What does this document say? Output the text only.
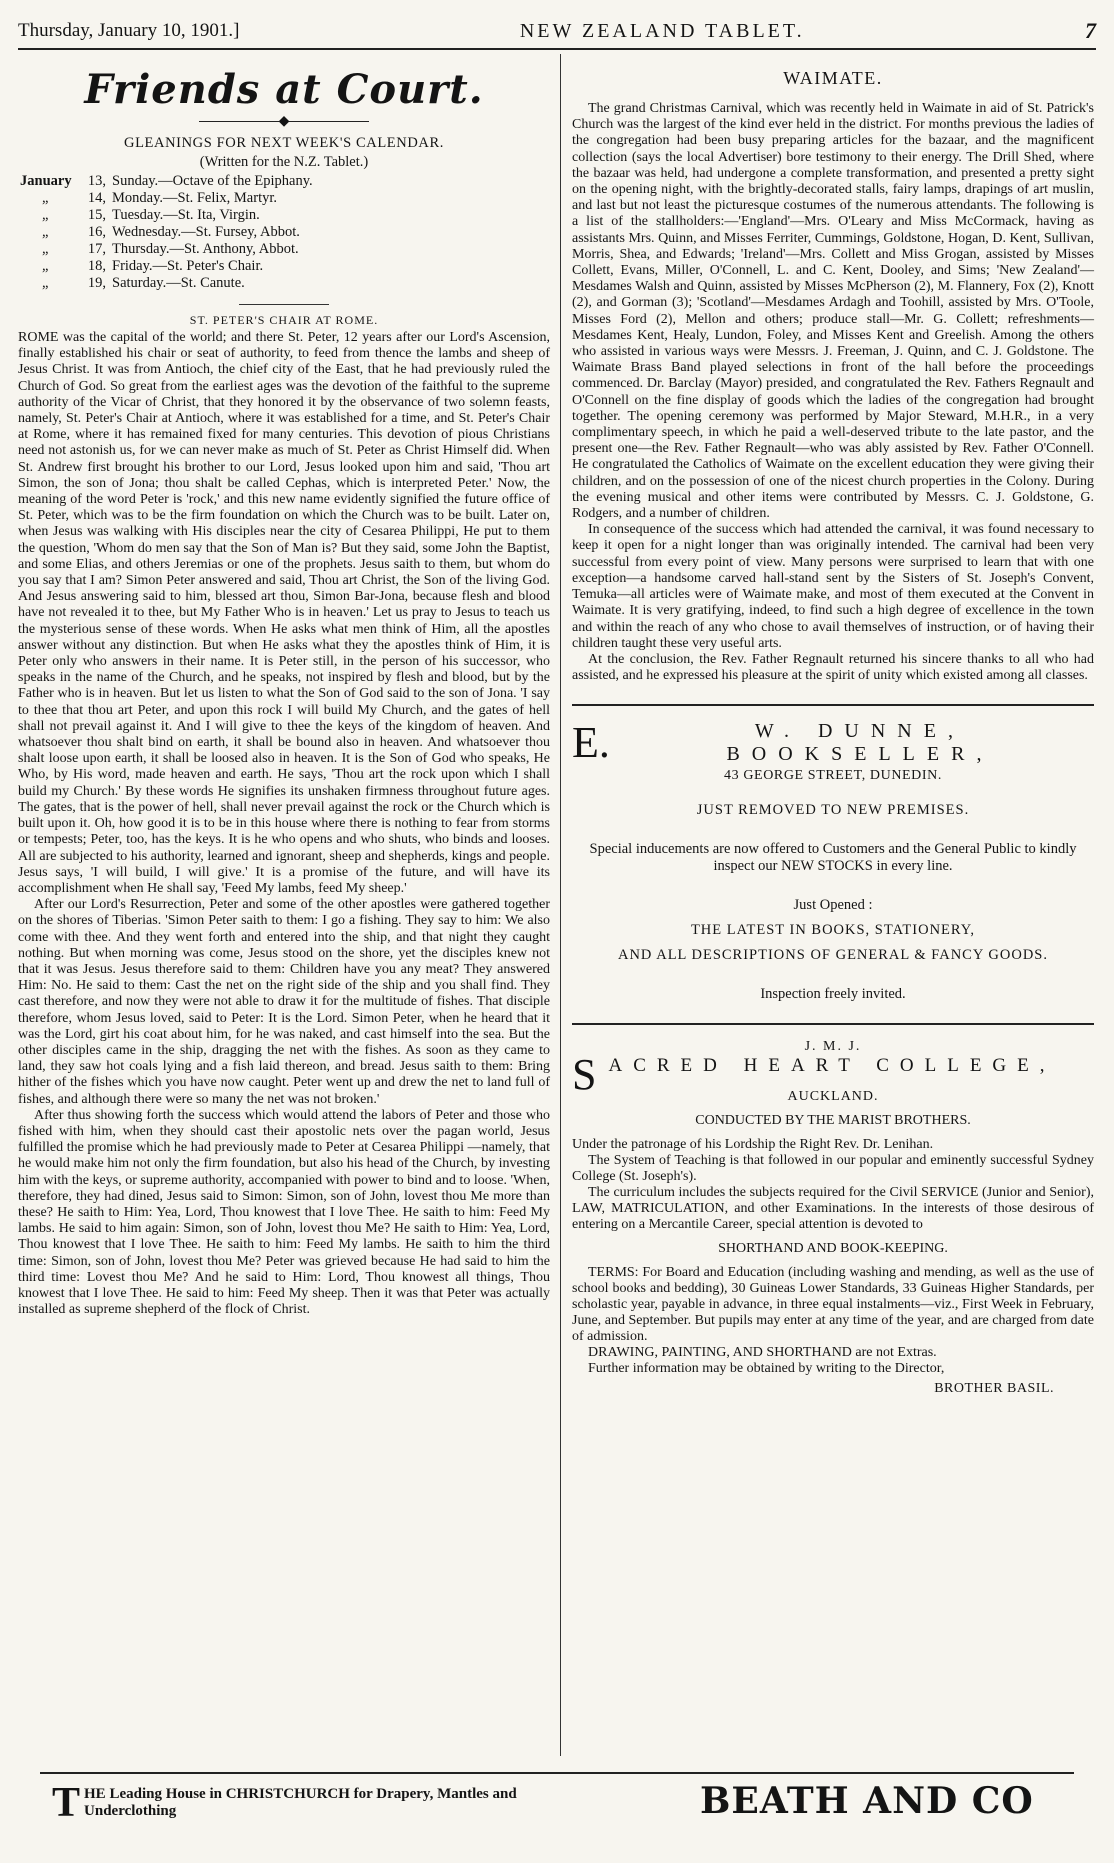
Thursday, January 10, 1901.]	NEW ZEALAND TABLET.	7
Friends at Court.
◆
GLEANINGS FOR NEXT WEEK'S CALENDAR.
(Written for the N.Z. Tablet.)
January	13, Sunday.—Octave of the Epiphany.
„	14, Monday.—St. Felix, Martyr.
„	15, Tuesday.—St. Ita, Virgin.
„	16, Wednesday.—St. Fursey, Abbot.
„	17, Thursday.—St. Anthony, Abbot.
„	18, Friday.—St. Peter's Chair.
„	19, Saturday.—St. Canute.
ST. PETER'S CHAIR AT ROME.

ROME was the capital of the world; and there St. Peter, 12 years after our Lord's Ascension, finally established his chair or seat of authority, to feed from thence the lambs and sheep of Jesus Christ. It was from Antioch, the chief city of the East, that he had previously ruled the Church of God. So great from the earliest ages was the devotion of the faithful to the supreme authority of the Vicar of Christ, that they honored it by the observance of two solemn feasts, namely, St. Peter's Chair at Antioch, where it was established for a time, and St. Peter's Chair at Rome, where it has remained fixed for many centuries. This devotion of pious Christians need not astonish us, for we can never make as much of St. Peter as Christ Himself did. When St. Andrew first brought his brother to our Lord, Jesus looked upon him and said, 'Thou art Simon, the son of Jona; thou shalt be called Cephas, which is interpreted Peter.' Now, the meaning of the word Peter is 'rock,' and this new name evidently signified the future office of St. Peter, which was to be the firm foundation on which the Church was to be built. Later on, when Jesus was walking with His disciples near the city of Cesarea Philippi, He put to them the question, 'Whom do men say that the Son of Man is? But they said, some John the Baptist, and some Elias, and others Jeremias or one of the prophets. Jesus saith to them, but whom do you say that I am? Simon Peter answered and said, Thou art Christ, the Son of the living God. And Jesus answering said to him, blessed art thou, Simon Bar-Jona, because flesh and blood have not revealed it to thee, but My Father Who is in heaven.' Let us pray to Jesus to teach us the mysterious sense of these words. When He asks what men think of Him, all the apostles answer without any distinction. But when He asks what they the apostles think of Him, it is Peter only who answers in their name. It is Peter still, in the person of his successor, who speaks in the name of the Church, and he speaks, not inspired by flesh and blood, but by the Father who is in heaven. But let us listen to what the Son of God said to the son of Jona. 'I say to thee that thou art Peter, and upon this rock I will build My Church, and the gates of hell shall not prevail against it. And I will give to thee the keys of the kingdom of heaven. And whatsoever thou shalt bind on earth, it shall be bound also in heaven. And whatsoever thou shalt loose upon earth, it shall be loosed also in heaven. It is the Son of God who speaks, He Who, by His word, made heaven and earth. He says, 'Thou art the rock upon which I shall build my Church.' By these words He signifies its unshaken firmness throughout future ages. The gates, that is the power of hell, shall never prevail against the rock or the Church which is built upon it. Oh, how good it is to be in this house where there is nothing to fear from storms or tempests; Peter, too, has the keys. It is he who opens and who shuts, who binds and looses. All are subjected to his authority, learned and ignorant, sheep and shepherds, kings and people. Jesus says, 'I will build, I will give.' It is a promise of the future, and will have its accomplishment when He shall say, 'Feed My lambs, feed My sheep.'

After our Lord's Resurrection, Peter and some of the other apostles were gathered together on the shores of Tiberias. 'Simon Peter saith to them: I go a fishing. They say to him: We also come with thee. And they went forth and entered into the ship, and that night they caught nothing. But when morning was come, Jesus stood on the shore, yet the disciples knew not that it was Jesus. Jesus therefore said to them: Children have you any meat? They answered Him: No. He said to them: Cast the net on the right side of the ship and you shall find. They cast therefore, and now they were not able to draw it for the multitude of fishes. That disciple therefore, whom Jesus loved, said to Peter: It is the Lord. Simon Peter, when he heard that it was the Lord, girt his coat about him, for he was naked, and cast himself into the sea. But the other disciples came in the ship, dragging the net with the fishes. As soon as they came to land, they saw hot coals lying and a fish laid thereon, and bread. Jesus saith to them: Bring hither of the fishes which you have now caught. Peter went up and drew the net to land full of fishes, and although there were so many the net was not broken.'

After thus showing forth the success which would attend the labors of Peter and those who fished with him, when they should cast their apostolic nets over the pagan world, Jesus fulfilled the promise which he had previously made to Peter at Cesarea Philippi —namely, that he would make him not only the firm foundation, but also his head of the Church, by investing him with the keys, or supreme authority, accompanied with power to bind and to loose. 'When, therefore, they had dined, Jesus said to Simon: Simon, son of John, lovest thou Me more than these? He saith to Him: Yea, Lord, Thou knowest that I love Thee. He saith to him: Feed My lambs. He said to him again: Simon, son of John, lovest thou Me? He saith to Him: Yea, Lord, Thou knowest that I love Thee. He saith to him: Feed My lambs. He saith to him the third time: Simon, son of John, lovest thou Me? Peter was grieved because He had said to him the third time: Lovest thou Me? And he said to Him: Lord, Thou knowest all things, Thou knowest that I love Thee. He said to him: Feed My sheep. Then it was that Peter was actually installed as supreme shepherd of the flock of Christ.

WAIMATE.

The grand Christmas Carnival, which was recently held in Waimate in aid of St. Patrick's Church was the largest of the kind ever held in the district. For months previous the ladies of the congregation had been busy preparing articles for the bazaar, and the magnificent collection (says the local Advertiser) bore testimony to their energy. The Drill Shed, where the bazaar was held, had undergone a complete transformation, and presented a pretty sight on the opening night, with the brightly-decorated stalls, fairy lamps, drapings of art muslin, and last but not least the picturesque costumes of the numerous attendants. The following is a list of the stallholders:—'England'—Mrs. O'Leary and Miss McCormack, having as assistants Mrs. Quinn, and Misses Ferriter, Cummings, Goldstone, Hogan, D. Kent, Sullivan, Morris, Shea, and Edwards; 'Ireland'—Mrs. Collett and Miss Grogan, assisted by Misses Collett, Evans, Miller, O'Connell, L. and C. Kent, Dooley, and Sims; 'New Zealand'—Mesdames Walsh and Quinn, assisted by Misses McPherson (2), M. Flannery, Fox (2), Knott (2), and Gorman (3); 'Scotland'—Mesdames Ardagh and Toohill, assisted by Mrs. O'Toole, Misses Ford (2), Mellon and others; produce stall—Mr. G. Collett; refreshments—Mesdames Kent, Healy, Lundon, Foley, and Misses Kent and Greelish. Among the others who assisted in various ways were Messrs. J. Freeman, J. Quinn, and C. J. Goldstone. The Waimate Brass Band played selections in front of the hall before the proceedings commenced. Dr. Barclay (Mayor) presided, and congratulated the Rev. Fathers Regnault and O'Connell on the fine display of goods which the ladies of the congregation had brought together. The opening ceremony was performed by Major Steward, M.H.R., in a very complimentary speech, in which he paid a well-deserved tribute to the late pastor, and the present one—the Rev. Father Regnault—who was ably assisted by Rev. Father O'Connell. He congratulated the Catholics of Waimate on the excellent education they were giving their children, and on the possession of one of the nicest church properties in the Colony. During the evening musical and other items were contributed by Messrs. C. J. Goldstone, G. Rodgers, and a number of children.

In consequence of the success which had attended the carnival, it was found necessary to keep it open for a night longer than was originally intended. The carnival had been very successful from every point of view. Many persons were surprised to learn that with one exception—a handsome carved hall-stand sent by the Sisters of St. Joseph's Convent, Temuka—all articles were of Waimate make, and most of them executed at the Convent in Waimate. It is very gratifying, indeed, to find such a high degree of excellence in the town and within the reach of any who chose to avail themselves of instruction, or of having their children taught these very useful arts.

At the conclusion, the Rev. Father Regnault returned his sincere thanks to all who had assisted, and he expressed his pleasure at the spirit of unity which existed among all classes.

E.	W. DUNNE, BOOKSELLER,
43 GEORGE STREET, DUNEDIN.
JUST REMOVED TO NEW PREMISES.
Special inducements are now offered to Customers and the General Public to kindly inspect our NEW STOCKS in every line.
Just Opened :
THE LATEST IN BOOKS, STATIONERY,
AND ALL DESCRIPTIONS OF GENERAL & FANCY GOODS.
Inspection freely invited.
J. M. J.
S ACRED HEART COLLEGE,
AUCKLAND.

CONDUCTED BY THE MARIST BROTHERS.

Under the patronage of his Lordship the Right Rev. Dr. Lenihan.

The System of Teaching is that followed in our popular and eminently successful Sydney College (St. Joseph's).

The curriculum includes the subjects required for the Civil SERVICE (Junior and Senior), LAW, MATRICULATION, and other Examinations. In the interests of those desirous of entering on a Mercantile Career, special attention is devoted to

SHORTHAND AND BOOK-KEEPING.

TERMS: For Board and Education (including washing and mending, as well as the use of school books and bedding), 30 Guineas Lower Standards, 33 Guineas Higher Standards, per scholastic year, payable in advance, in three equal instalments—viz., First Week in February, June, and September. But pupils may enter at any time of the year, and are charged from date of admission.

DRAWING, PAINTING, AND SHORTHAND are not Extras.

Further information may be obtained by writing to the Director,

BROTHER BASIL.
T HE Leading House in CHRISTCHURCH for Drapery, Mantles and Underclothing	BEATH AND CO
